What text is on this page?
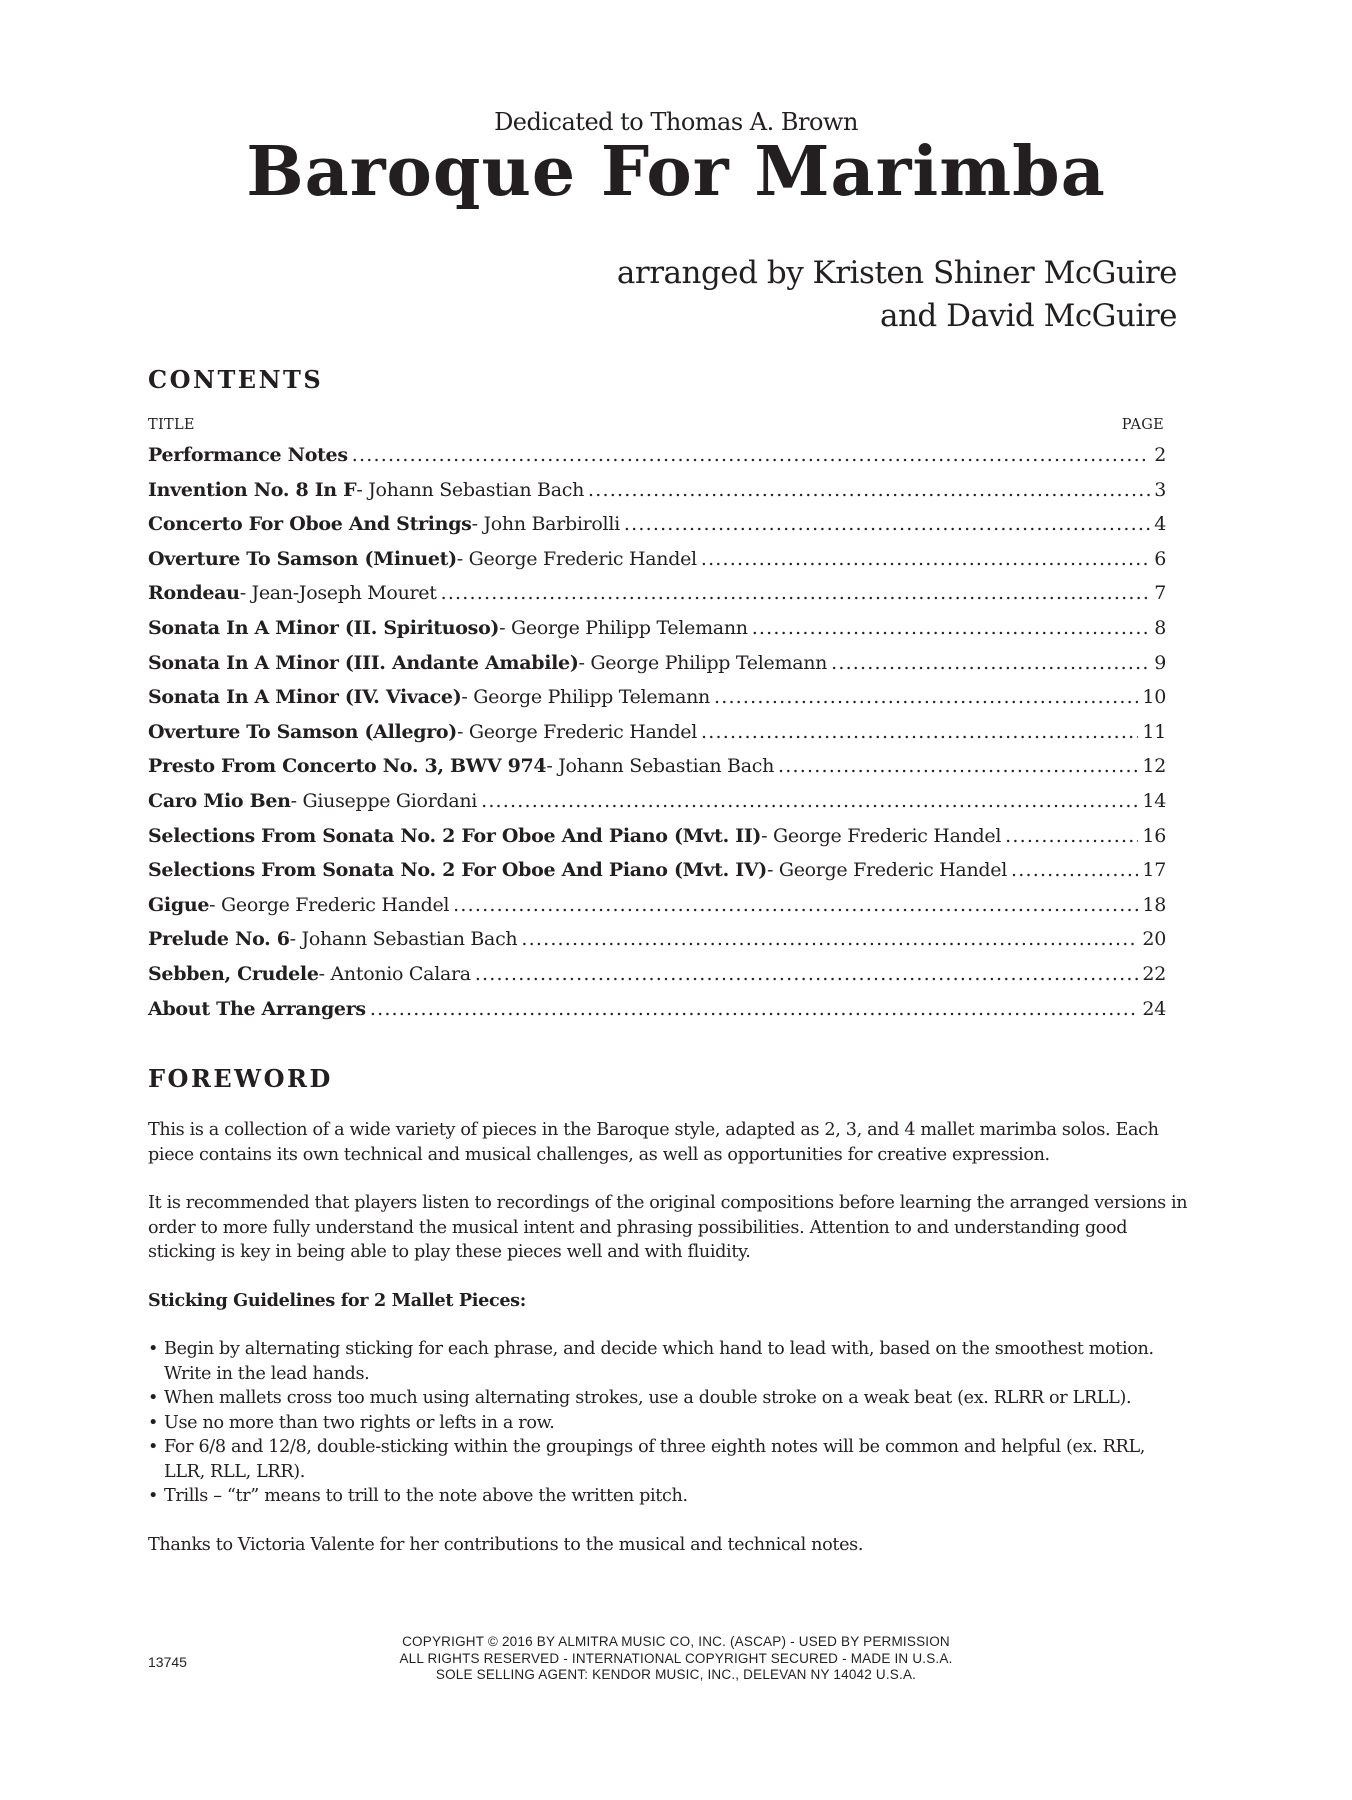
Dedicated to Thomas A. Brown
Baroque For Marimba
arranged by Kristen Shiner McGuire
and David McGuire
CONTENTS
TITLE	PAGE
Performance Notes .....	2
Invention No. 8 In F - Johann Sebastian Bach .....	3
Concerto For Oboe And Strings - John Barbirolli .....	4
Overture To Samson (Minuet) - George Frederic Handel .....	6
Rondeau - Jean-Joseph Mouret .....	7
Sonata In A Minor (II. Spirituoso) - George Philipp Telemann .....	8
Sonata In A Minor (III. Andante Amabile) - George Philipp Telemann .....	9
Sonata In A Minor (IV. Vivace) - George Philipp Telemann .....	10
Overture To Samson (Allegro) - George Frederic Handel .....	11
Presto From Concerto No. 3, BWV 974 - Johann Sebastian Bach .....	12
Caro Mio Ben - Giuseppe Giordani .....	14
Selections From Sonata No. 2 For Oboe And Piano (Mvt. II) - George Frederic Handel .....	16
Selections From Sonata No. 2 For Oboe And Piano (Mvt. IV) - George Frederic Handel .....	17
Gigue - George Frederic Handel .....	18
Prelude No. 6 - Johann Sebastian Bach .....	20
Sebben, Crudele - Antonio Calara .....	22
About The Arrangers .....	24
FOREWORD

This is a collection of a wide variety of pieces in the Baroque style, adapted as 2, 3, and 4 mallet marimba solos. Each piece contains its own technical and musical challenges, as well as opportunities for creative expression.

It is recommended that players listen to recordings of the original compositions before learning the arranged versions in order to more fully understand the musical intent and phrasing possibilities. Attention to and understanding good sticking is key in being able to play these pieces well and with fluidity.

Sticking Guidelines for 2 Mallet Pieces:

• Begin by alternating sticking for each phrase, and decide which hand to lead with, based on the smoothest motion. Write in the lead hands.
• When mallets cross too much using alternating strokes, use a double stroke on a weak beat (ex. RLRR or LRLL).
• Use no more than two rights or lefts in a row.
• For 6/8 and 12/8, double-sticking within the groupings of three eighth notes will be common and helpful (ex. RRL, LLR, RLL, LRR).
• Trills – “tr” means to trill to the note above the written pitch.

Thanks to Victoria Valente for her contributions to the musical and technical notes.

13745
COPYRIGHT © 2016 BY ALMITRA MUSIC CO, INC. (ASCAP) - USED BY PERMISSION
ALL RIGHTS RESERVED - INTERNATIONAL COPYRIGHT SECURED - MADE IN U.S.A.
SOLE SELLING AGENT: KENDOR MUSIC, INC., DELEVAN NY 14042 U.S.A.
